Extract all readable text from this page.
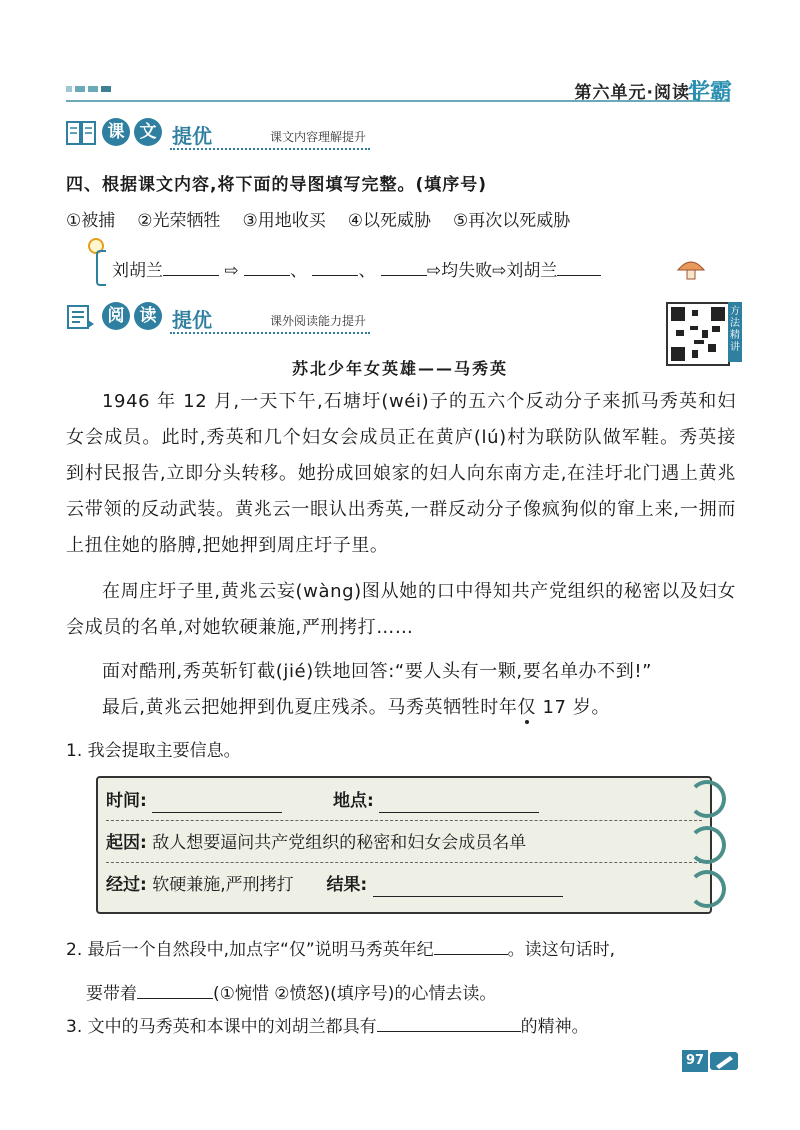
第六单元·阅读
学霸
课 文 提优	课文内容理解提升
四、根据课文内容,将下面的导图填写完整。(填序号)
①被捕 ②光荣牺牲 ③用地收买 ④以死威胁 ⑤再次以死威胁
刘胡兰	⇨	、	、	⇨均失败⇨刘胡兰
阅 读 提优	课外阅读能力提升
方法精讲
苏北少年女英雄——马秀英

1946 年 12 月,一天下午,石塘圩(wéi)子的五六个反动分子来抓马秀英和妇女会成员。此时,秀英和几个妇女会成员正在黄庐(lú)村为联防队做军鞋。秀英接到村民报告,立即分头转移。她扮成回娘家的妇人向东南方走,在洼圩北门遇上黄兆云带领的反动武装。黄兆云一眼认出秀英,一群反动分子像疯狗似的窜上来,一拥而上扭住她的胳膊,把她押到周庄圩子里。

在周庄圩子里,黄兆云妄(wàng)图从她的口中得知共产党组织的秘密以及妇女会成员的名单,对她软硬兼施,严刑拷打……

面对酷刑,秀英斩钉截(jié)铁地回答:“要人头有一颗,要名单办不到!”

最后,黄兆云把她押到仇夏庄残杀。马秀英牺牲时年仅 17 岁。

1. 我会提取主要信息。
时间:	地点:
起因: 敌人想要逼问共产党组织的秘密和妇女会成员名单
经过: 软硬兼施,严刑拷打 结果:
2. 最后一个自然段中,加点字“仅”说明马秀英年纪	。读这句话时,
要带着	(①惋惜 ②愤怒)(填序号)的心情去读。
3. 文中的马秀英和本课中的刘胡兰都具有	的精神。
97
